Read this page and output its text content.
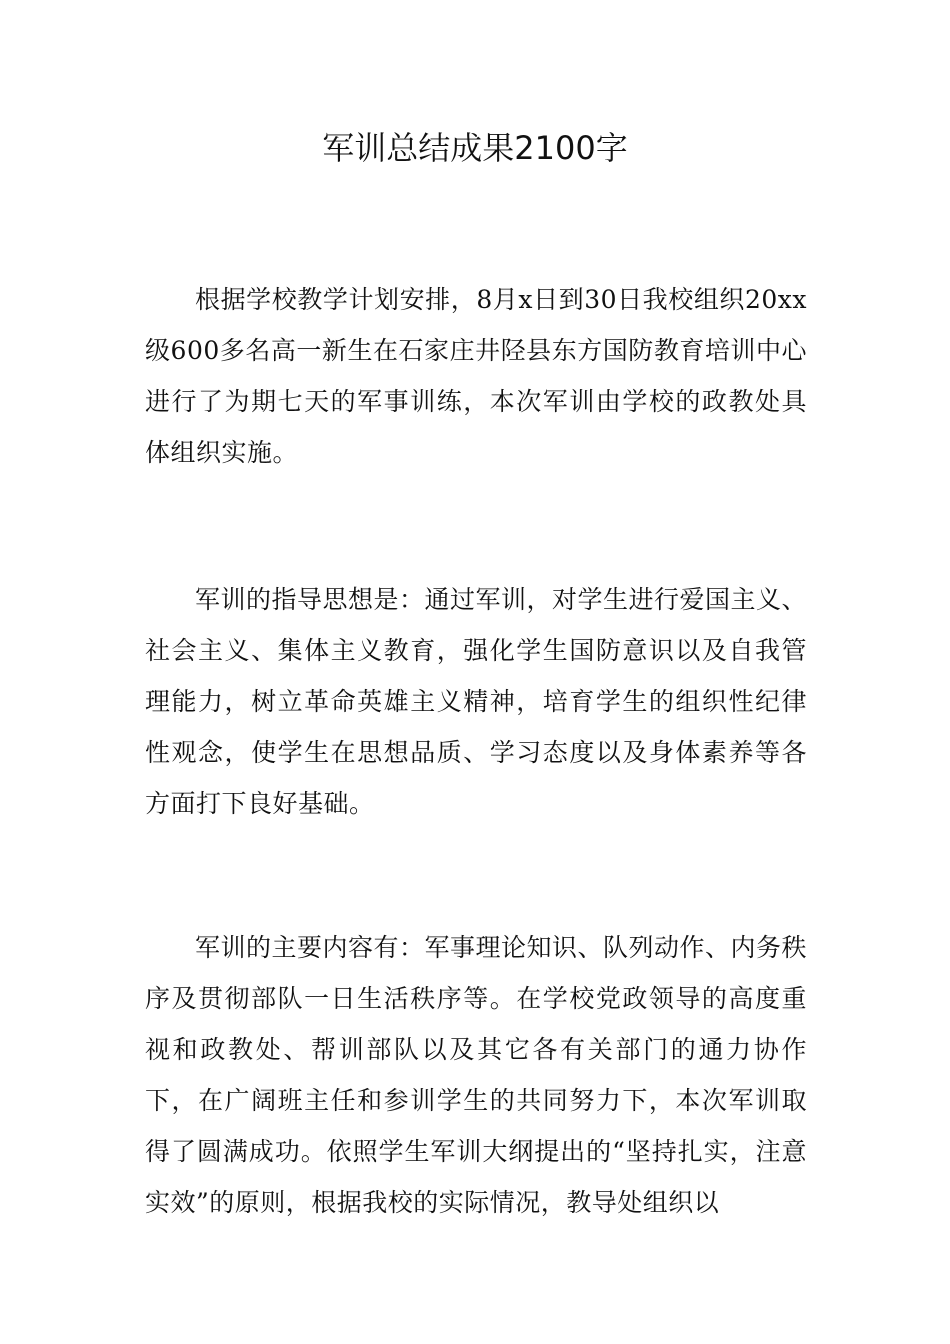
军训总结成果2100字

根据学校教学计划安排，8月x日到30日我校组织20xx级600多名高一新生在石家庄井陉县东方国防教育培训中心进行了为期七天的军事训练，本次军训由学校的政教处具体组织实施。

军训的指导思想是：通过军训，对学生进行爱国主义、社会主义、集体主义教育，强化学生国防意识以及自我管理能力，树立革命英雄主义精神，培育学生的组织性纪律性观念，使学生在思想品质、学习态度以及身体素养等各方面打下良好基础。

军训的主要内容有：军事理论知识、队列动作、内务秩序及贯彻部队一日生活秩序等。在学校党政领导的高度重视和政教处、帮训部队以及其它各有关部门的通力协作下，在广阔班主任和参训学生的共同努力下，本次军训取得了圆满成功。依照学生军训大纲提出的“坚持扎实，注意实效”的原则，根据我校的实际情况，教导处组织以
